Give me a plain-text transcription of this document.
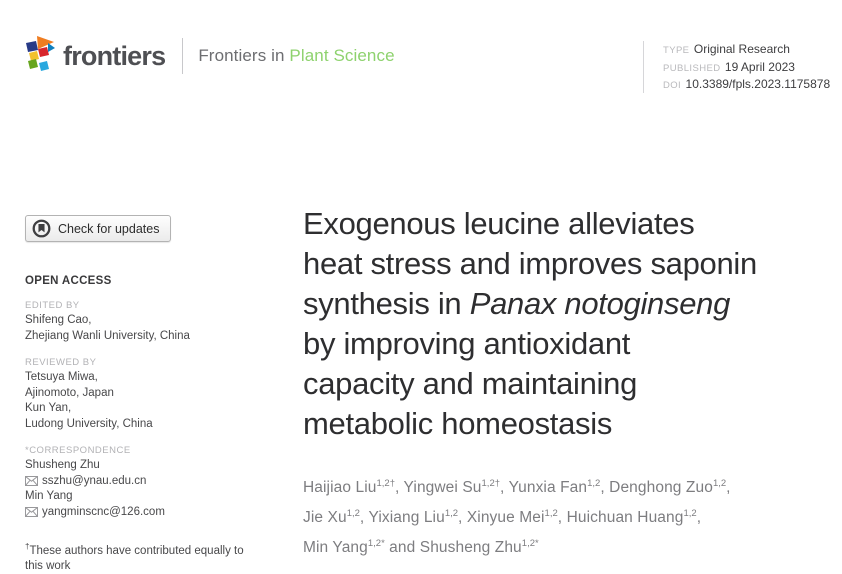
frontiers Frontiers in Plant Science	TYPE Original Research
PUBLISHED 19 April 2023
DOI 10.3389/fpls.2023.1175878
Check for updates
OPEN ACCESS
EDITED BY
Shifeng Cao,
Zhejiang Wanli University, China
REVIEWED BY
Tetsuya Miwa,
Ajinomoto, Japan
Kun Yan,
Ludong University, China
*CORRESPONDENCE
Shusheng Zhu
sszhu@ynau.edu.cn
Min Yang
yangminscnc@126.com
†These authors have contributed equally to this work
Exogenous leucine alleviates
heat stress and improves saponin
synthesis in Panax notoginseng
by improving antioxidant
capacity and maintaining
metabolic homeostasis
Haijiao Liu$^{1,2\dagger}$, Yingwei $Su^{1,2\dagger}$, Yunxia Fan$^{1,2}$, Denghong Zuo$^{1,2}$,
Jie Xu$^{1,2}$, Yixiang Liu$^{1,2}$, Xinyue Mei$^{1,2}$, Huichuan Huang$^{1,2}$,
Min Yang$^{1,2*}$ and Shusheng Zhu$^{1,2*}$
